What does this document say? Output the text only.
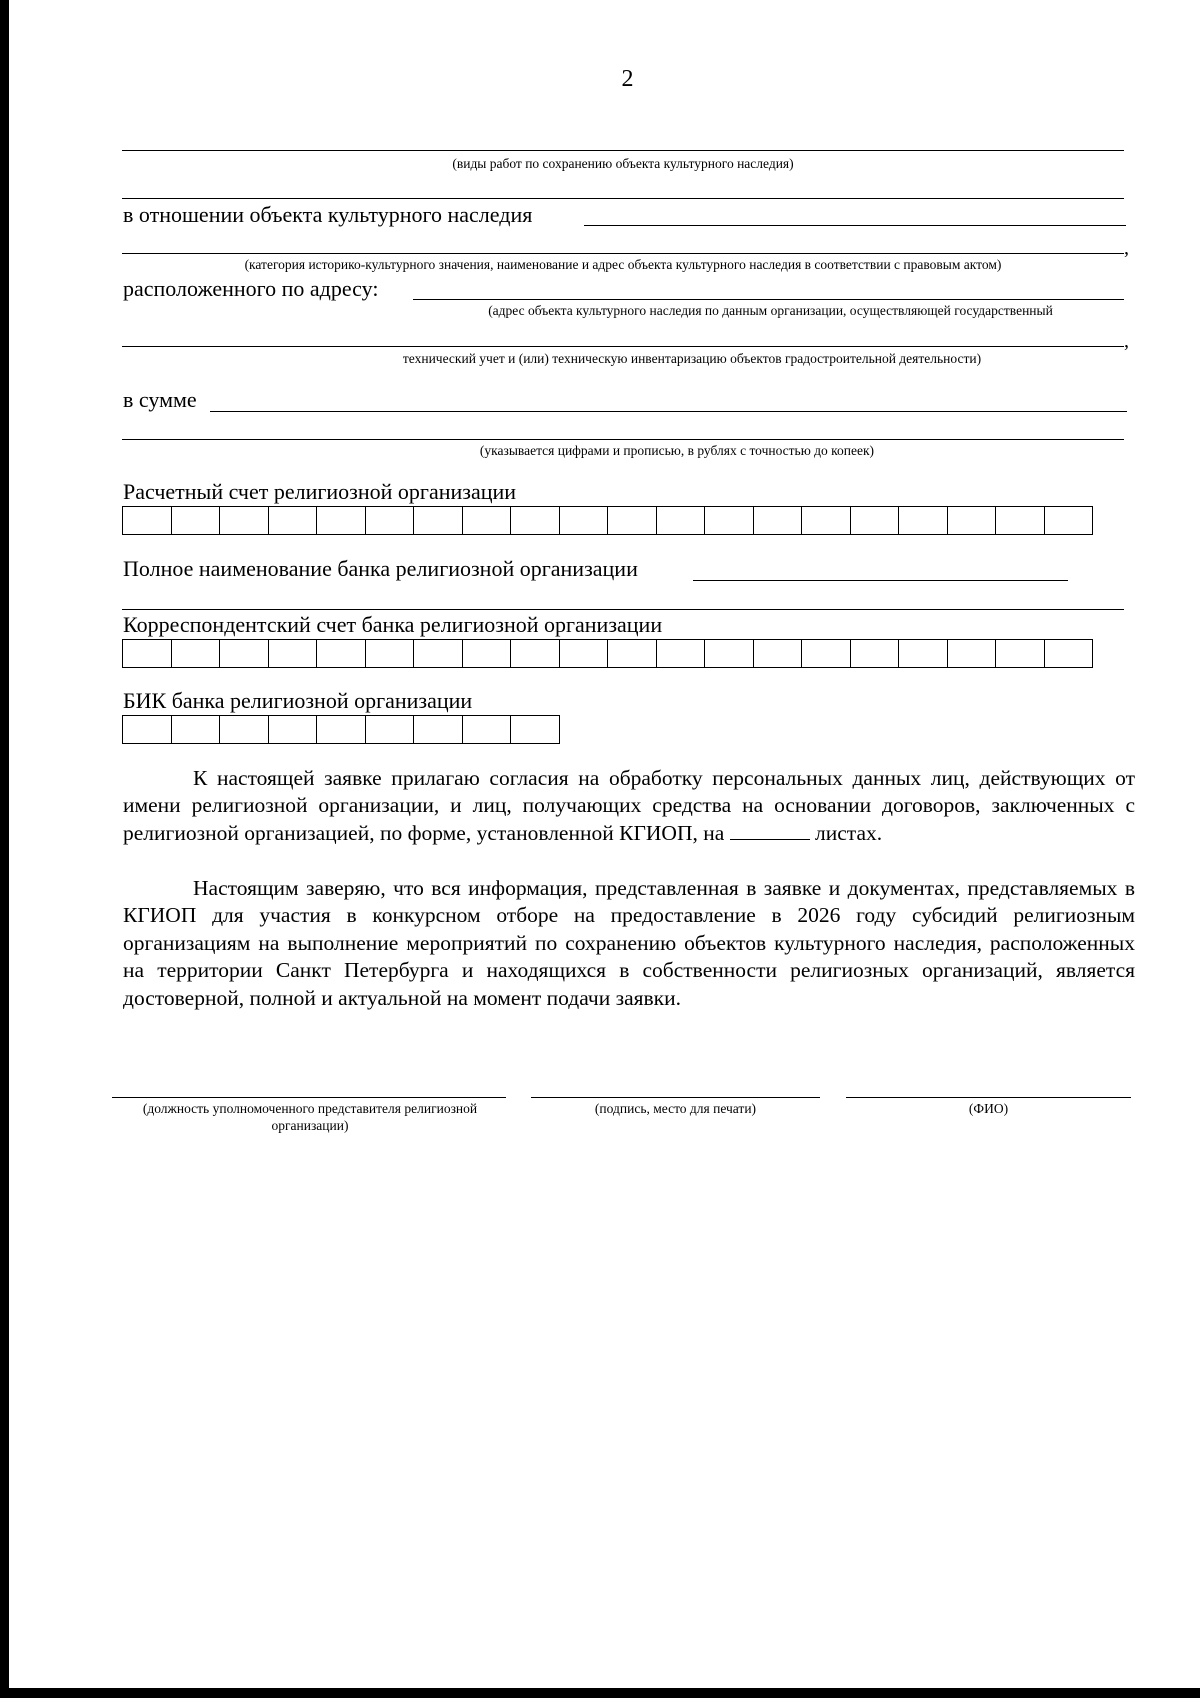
2
(виды работ по сохранению объекта культурного наследия)
в отношении объекта культурного наследия
,
(категория историко-культурного значения, наименование и адрес объекта культурного наследия в соответствии с правовым актом)
расположенного по адресу:
(адрес объекта культурного наследия по данным организации, осуществляющей государственный
,
технический учет и (или) техническую инвентаризацию объектов градостроительной деятельности)
в сумме
(указывается цифрами и прописью, в рублях с точностью до копеек)
Расчетный счет религиозной организации
Полное наименование банка религиозной организации
Корреспондентский счет банка религиозной организации
БИК банка религиозной организации

К настоящей заявке прилагаю согласия на обработку персональных данных лиц, действующих от имени религиозной организации, и лиц, получающих средства на основании договоров, заключенных с религиозной организацией, по форме, установленной КГИОП, на	листах.

Настоящим заверяю, что вся информация, представленная в заявке и документах, представляемых в КГИОП для участия в конкурсном отборе на предоставление в 2026 году субсидий религиозным организациям на выполнение мероприятий по сохранению объектов культурного наследия, расположенных на территории Санкт Петербурга и находящихся в собственности религиозных организаций, является достоверной, полной и актуальной на момент подачи заявки.

(должность уполномоченного представителя религиозной организации)
(подпись, место для печати)	(ФИО)
